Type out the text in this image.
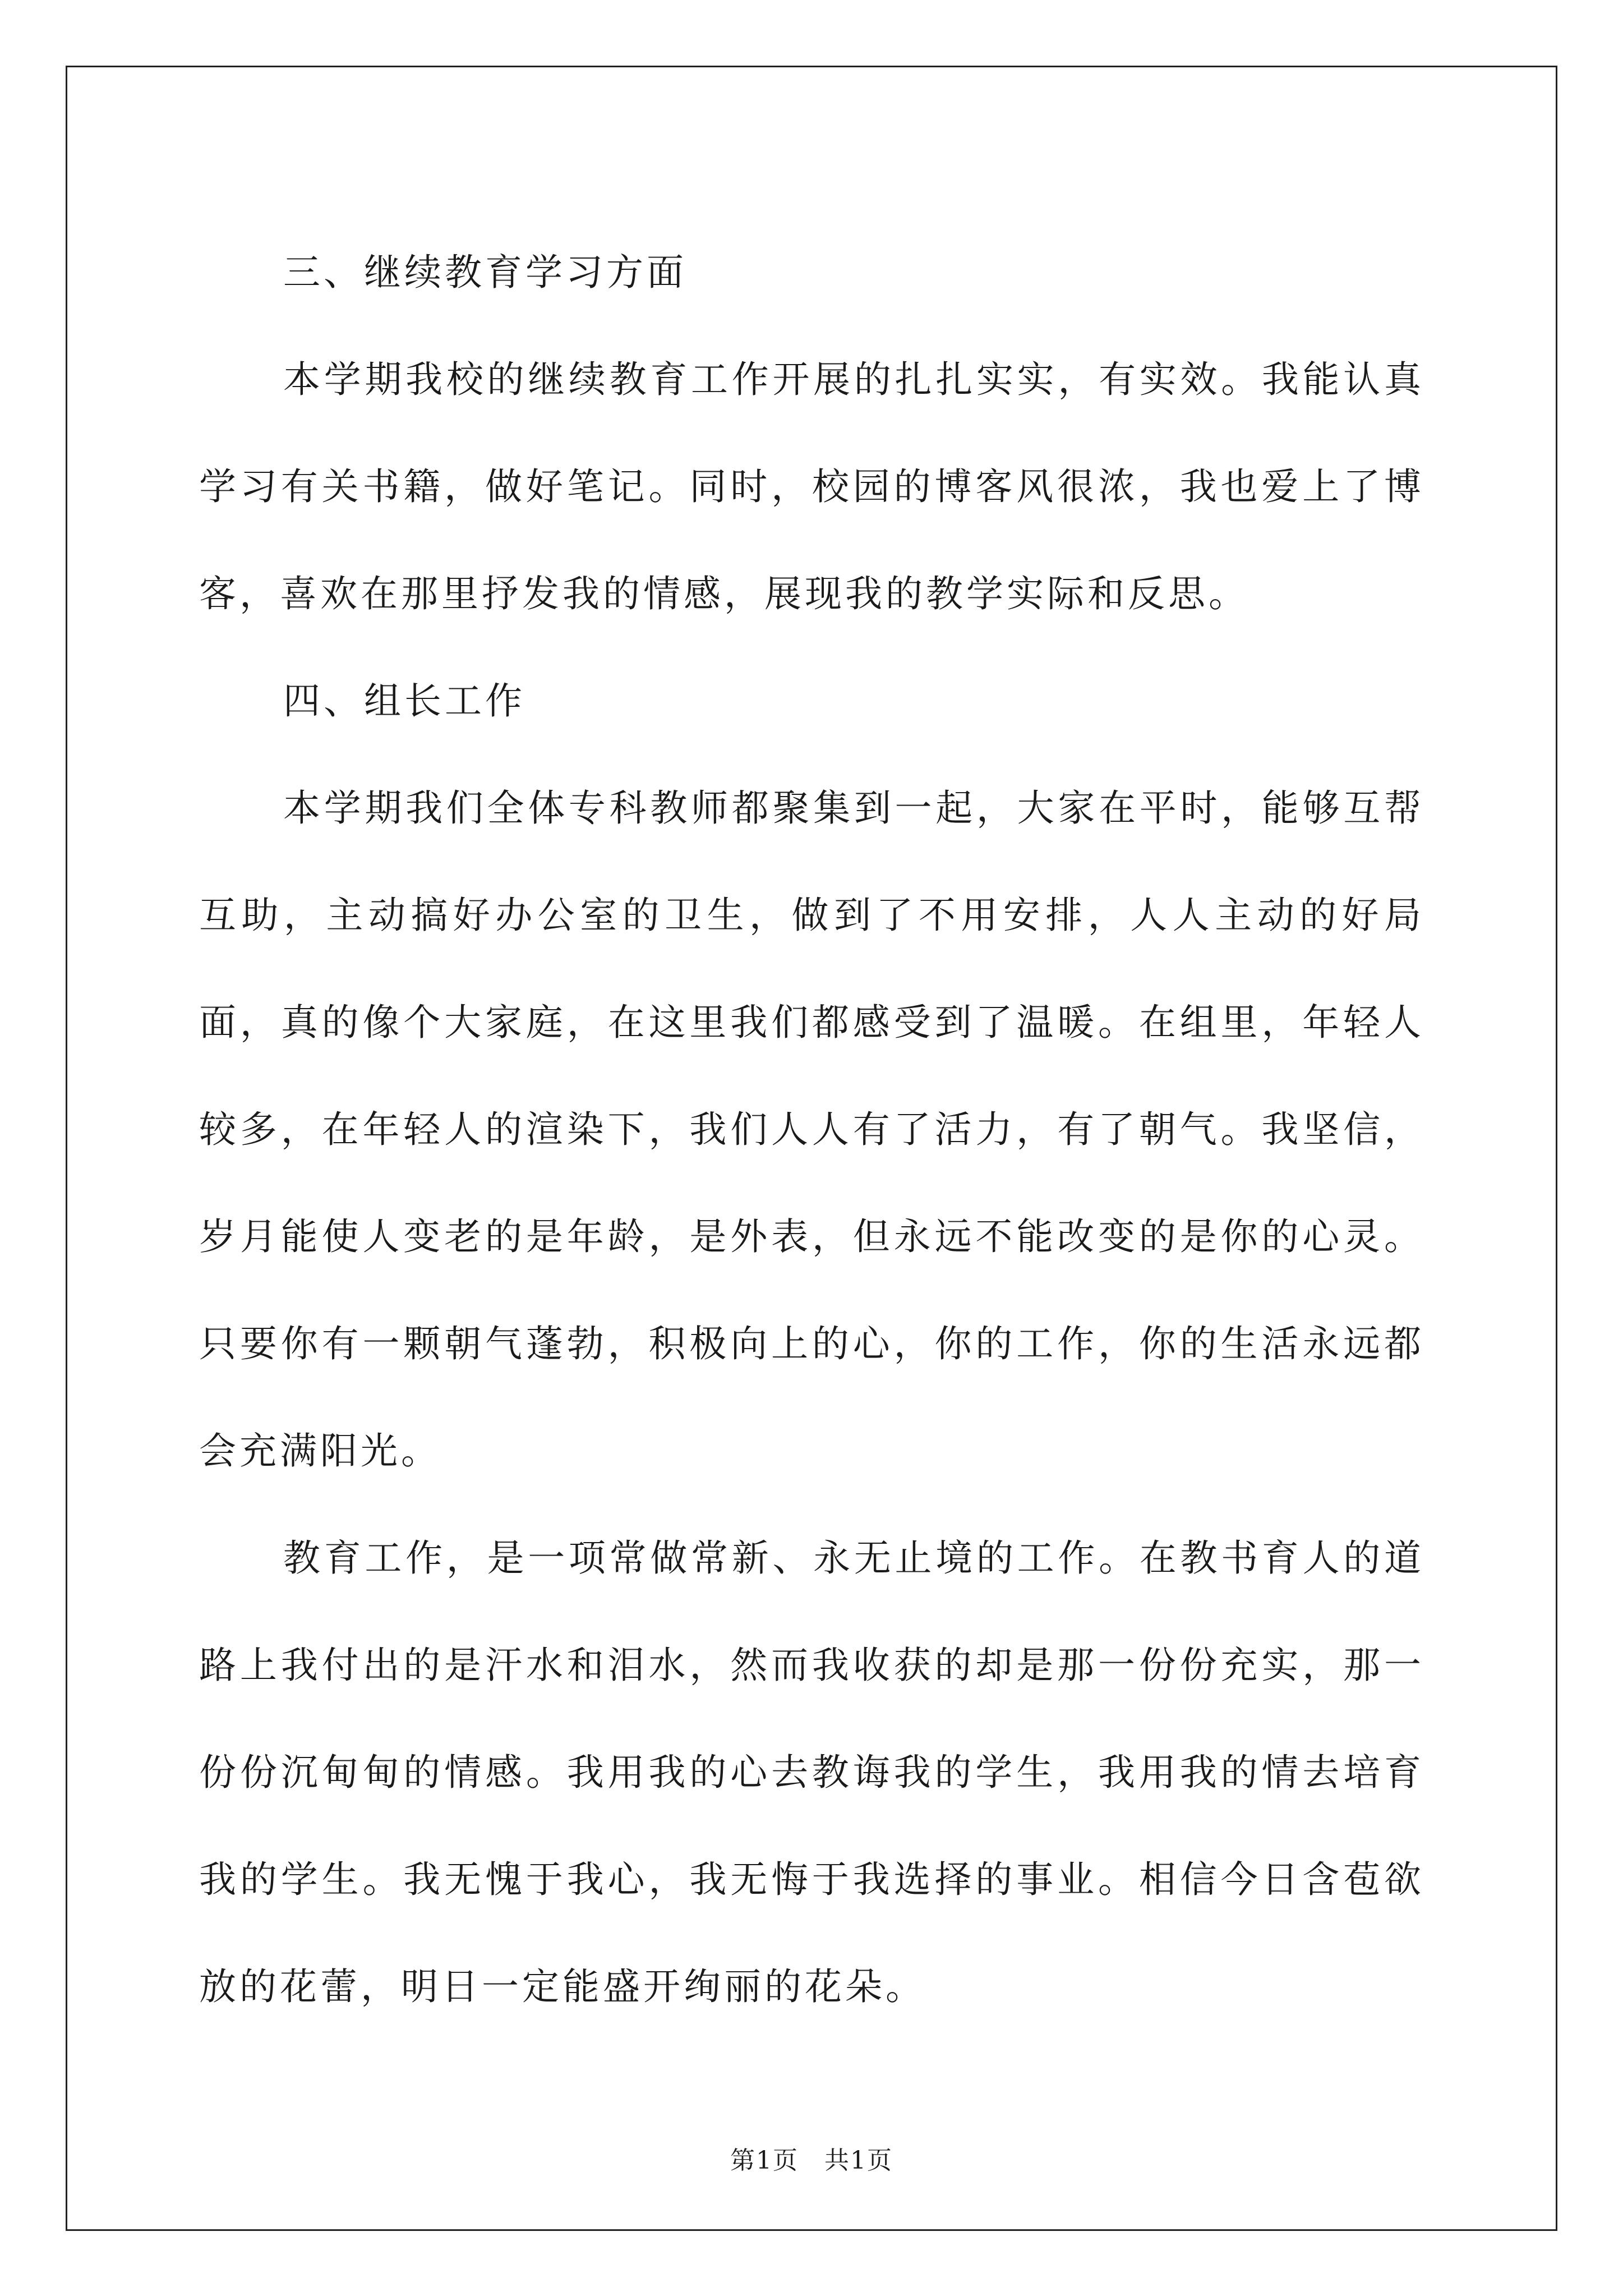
三、继续教育学习方面

本学期我校的继续教育工作开展的扎扎实实，有实效。我能认真学习有关书籍，做好笔记。同时，校园的博客风很浓，我也爱上了博客，喜欢在那里抒发我的情感，展现我的教学实际和反思。

四、组长工作

本学期我们全体专科教师都聚集到一起，大家在平时，能够互帮互助，主动搞好办公室的卫生，做到了不用安排，人人主动的好局面，真的像个大家庭，在这里我们都感受到了温暖。在组里，年轻人较多，在年轻人的渲染下，我们人人有了活力，有了朝气。我坚信，岁月能使人变老的是年龄，是外表，但永远不能改变的是你的心灵。只要你有一颗朝气蓬勃，积极向上的心，你的工作，你的生活永远都会充满阳光。

教育工作，是一项常做常新、永无止境的工作。在教书育人的道路上我付出的是汗水和泪水，然而我收获的却是那一份份充实，那一份份沉甸甸的情感。我用我的心去教诲我的学生，我用我的情去培育我的学生。我无愧于我心，我无悔于我选择的事业。相信今日含苞欲放的花蕾，明日一定能盛开绚丽的花朵。

第1页　共1页
